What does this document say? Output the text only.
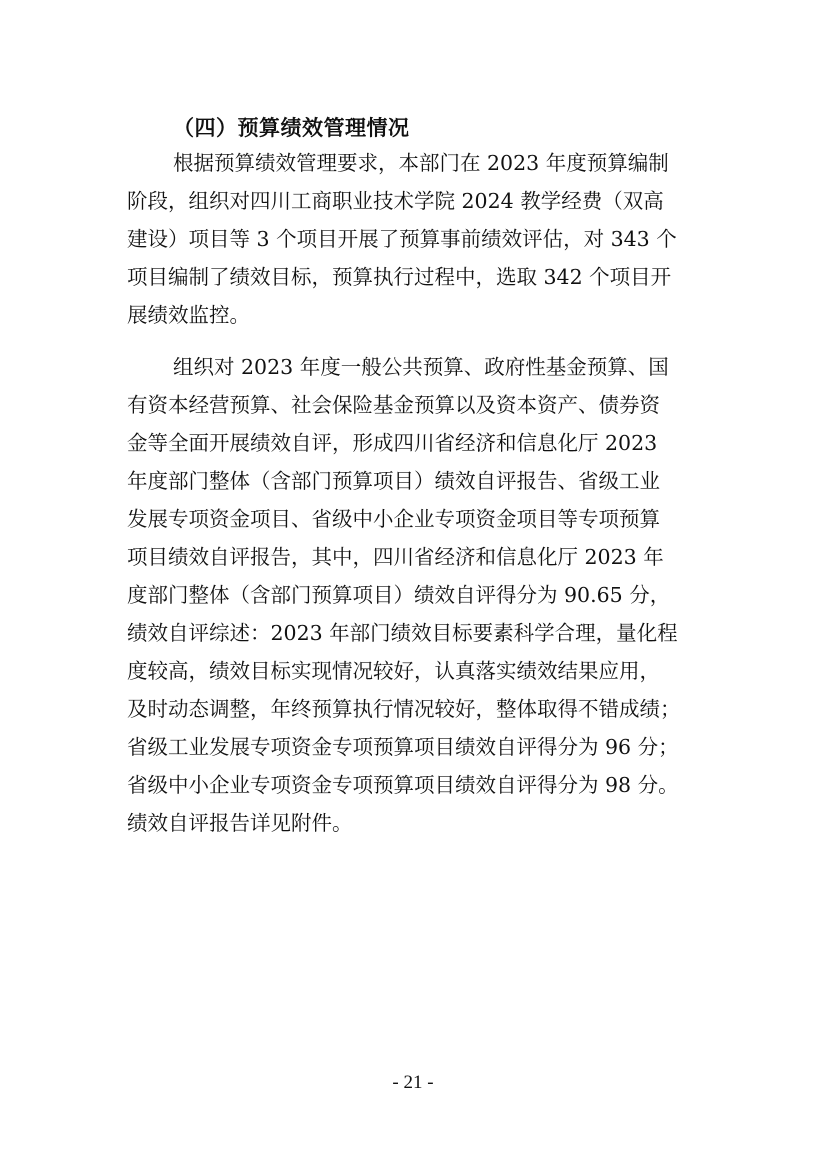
（四）预算绩效管理情况
根据预算绩效管理要求，本部门在 2023 年度预算编制
阶段，组织对四川工商职业技术学院 2024 教学经费（双高
建设）项目等 3 个项目开展了预算事前绩效评估，对 343 个
项目编制了绩效目标，预算执行过程中，选取 342 个项目开
展绩效监控。
组织对 2023 年度一般公共预算、政府性基金预算、国
有资本经营预算、社会保险基金预算以及资本资产、债券资
金等全面开展绩效自评，形成四川省经济和信息化厅 2023
年度部门整体（含部门预算项目）绩效自评报告、省级工业
发展专项资金项目、省级中小企业专项资金项目等专项预算
项目绩效自评报告，其中，四川省经济和信息化厅 2023 年
度部门整体（含部门预算项目）绩效自评得分为 90.65 分，
绩效自评综述：2023 年部门绩效目标要素科学合理，量化程
度较高，绩效目标实现情况较好，认真落实绩效结果应用，
及时动态调整，年终预算执行情况较好，整体取得不错成绩；
省级工业发展专项资金专项预算项目绩效自评得分为 96 分；
省级中小企业专项资金专项预算项目绩效自评得分为 98 分。
绩效自评报告详见附件。
- 21 -
